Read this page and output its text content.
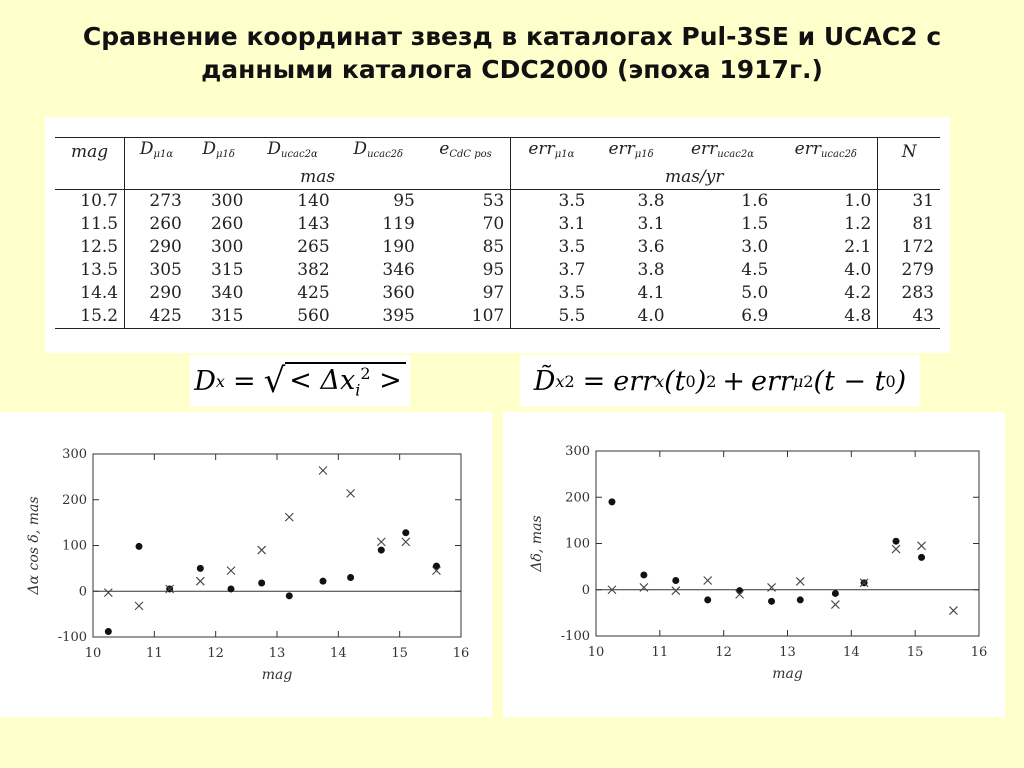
Сравнение координат звезд в каталогах Pul-3SE и UCAC2 с
данными каталога CDC2000 (эпоха 1917г.)
mag	$D_{\mu 1\alpha}$	$D_{\mu 1\delta}$	$D_{ucac2\alpha}$	$D_{ucac2\delta}$	$e_{CdC pos}$	err$_{\mu 1\alpha}$	err$_{\mu 1\delta}$	err$_{ucac2\alpha}$	err$_{ucac2\delta}$	N
	mas					mas/yr				
10.7	273	300	140	95	53	3.5	3.8	1.6	1.0	31
11.5	260	260	143	119	70	3.1	3.1	1.5	1.2	81
12.5	290	300	265	190	85	3.5	3.6	3.0	2.1	172
13.5	305	315	382	346	95	3.7	3.8	4.5	4.0	279
14.4	290	340	425	360	97	3.5	4.1	5.0	4.2	283
15.2	425	315	560	395	107	5.5	4.0	6.9	4.8	43
D x = √ < $\Delta x_i^2$ >	D̃ x 2 = err x (t 0 ) 2 + err μ 2 (t − t 0 )
10	11	12	13	14	15	16
-100
0
100
200
300
mag
Δα cos δ, mas
10	11	12	13	14	15	16
-100
0
100
200
300
mag
Δδ, mas
